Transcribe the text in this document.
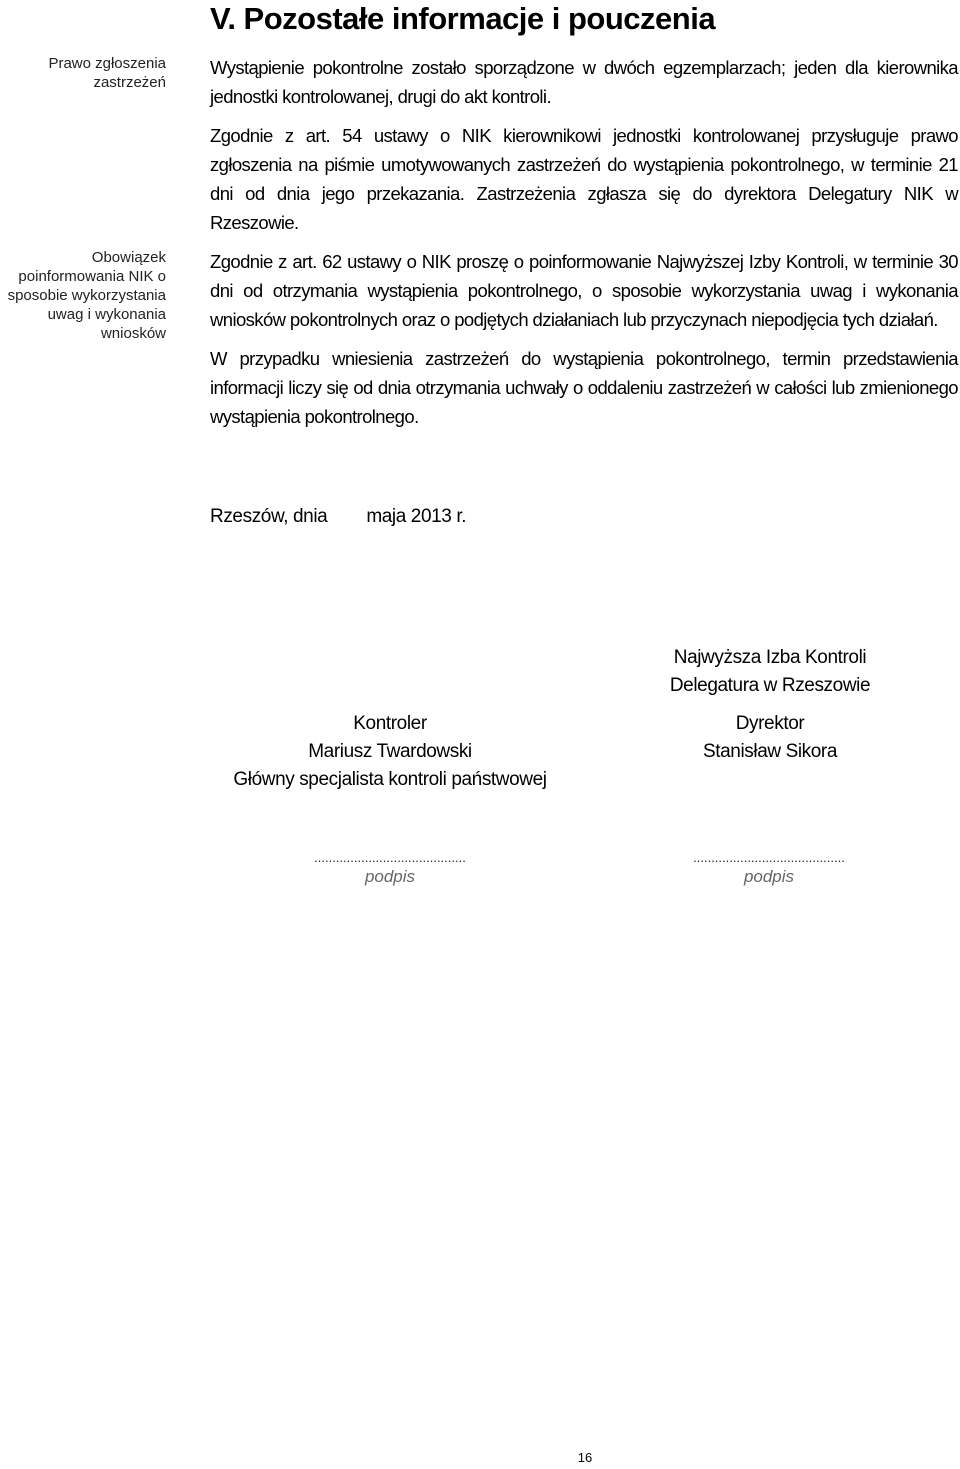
V. Pozostałe informacje i pouczenia
Prawo zgłoszenia zastrzeżeń
Obowiązek poinformowania NIK o sposobie wykorzystania uwag i wykonania wniosków

Wystąpienie pokontrolne zostało sporządzone w dwóch egzemplarzach; jeden dla kierownika jednostki kontrolowanej, drugi do akt kontroli.

Zgodnie z art. 54 ustawy o NIK kierownikowi jednostki kontrolowanej przysługuje prawo zgłoszenia na piśmie umotywowanych zastrzeżeń do wystąpienia pokontrolnego, w terminie 21 dni od dnia jego przekazania. Zastrzeżenia zgłasza się do dyrektora Delegatury NIK w Rzeszowie.

Zgodnie z art. 62 ustawy o NIK proszę o poinformowanie Najwyższej Izby Kontroli, w terminie 30 dni od otrzymania wystąpienia pokontrolnego, o sposobie wykorzystania uwag i wykonania wniosków pokontrolnych oraz o podjętych działaniach lub przyczynach niepodjęcia tych działań.

W przypadku wniesienia zastrzeżeń do wystąpienia pokontrolnego, termin przedstawienia informacji liczy się od dnia otrzymania uchwały o oddaleniu zastrzeżeń w całości lub zmienionego wystąpienia pokontrolnego.

Rzeszów, dnia        maja 2013 r.
Najwyższa Izba Kontroli
Delegatura w Rzeszowie
Dyrektor
Stanisław Sikora
Kontroler
Mariusz Twardowski
Główny specjalista kontroli państwowej
..........................................
podpis
..........................................
podpis
16
